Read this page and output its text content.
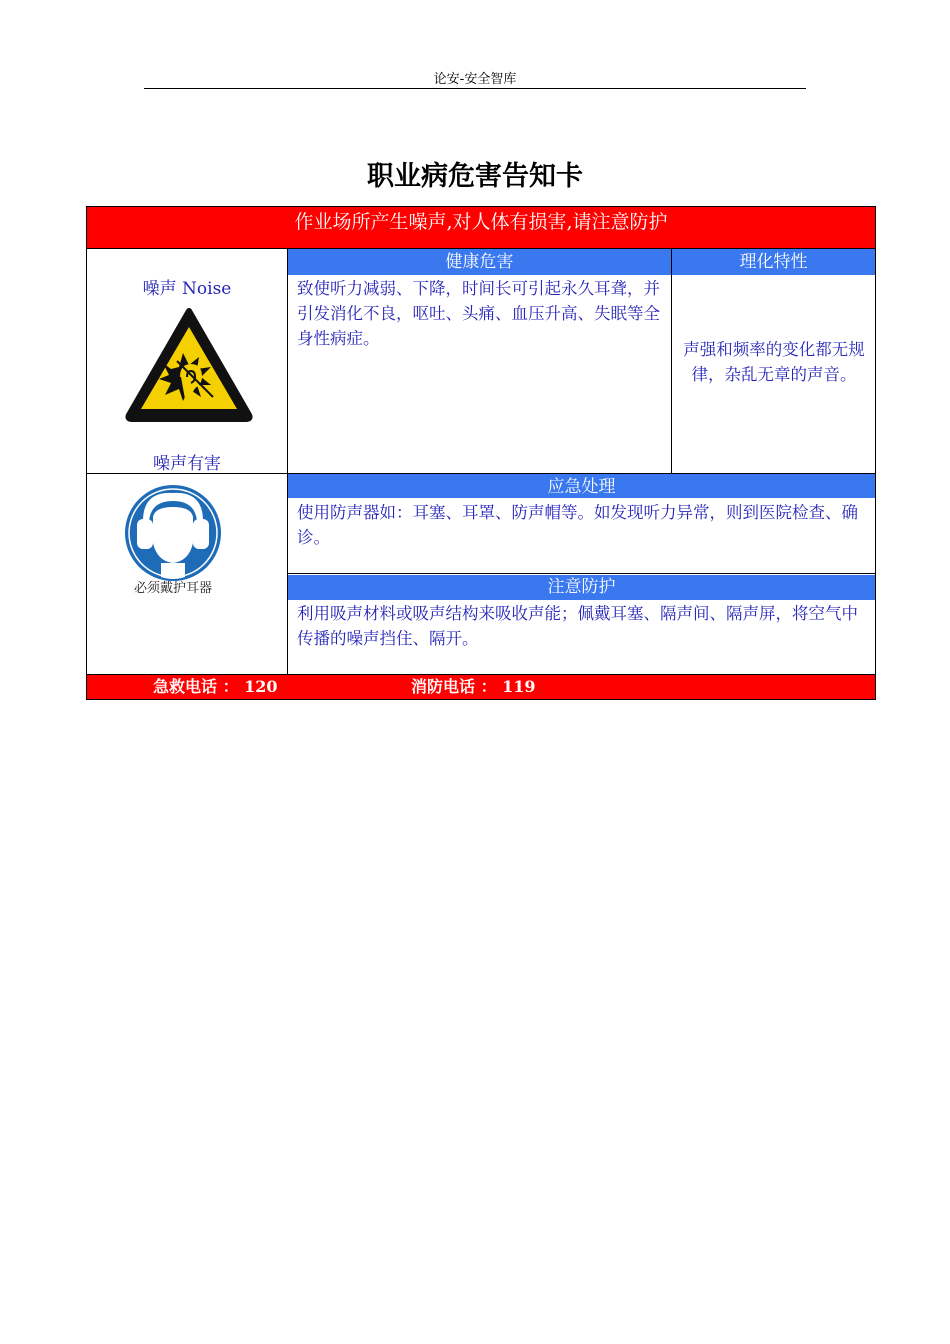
论安-安全智库
职业病危害告知卡
作业场所产生噪声,对人体有损害,请注意防护
噪声 Noise
噪声有害
健康危害	理化特性
致使听力减弱、下降，时间长可引起永久耳聋，并引发消化不良，呕吐、头痛、血压升高、失眠等全身性病症。
声强和频率的变化都无规律，杂乱无章的声音。
必须戴护耳器
应急处理
使用防声器如：耳塞、耳罩、防声帽等。如发现听力异常，则到医院检查、确诊。
注意防护
利用吸声材料或吸声结构来吸收声能；佩戴耳塞、隔声间、隔声屏，将空气中传播的噪声挡住、隔开。
急救电话 ： 120	消防电话 ： 119
